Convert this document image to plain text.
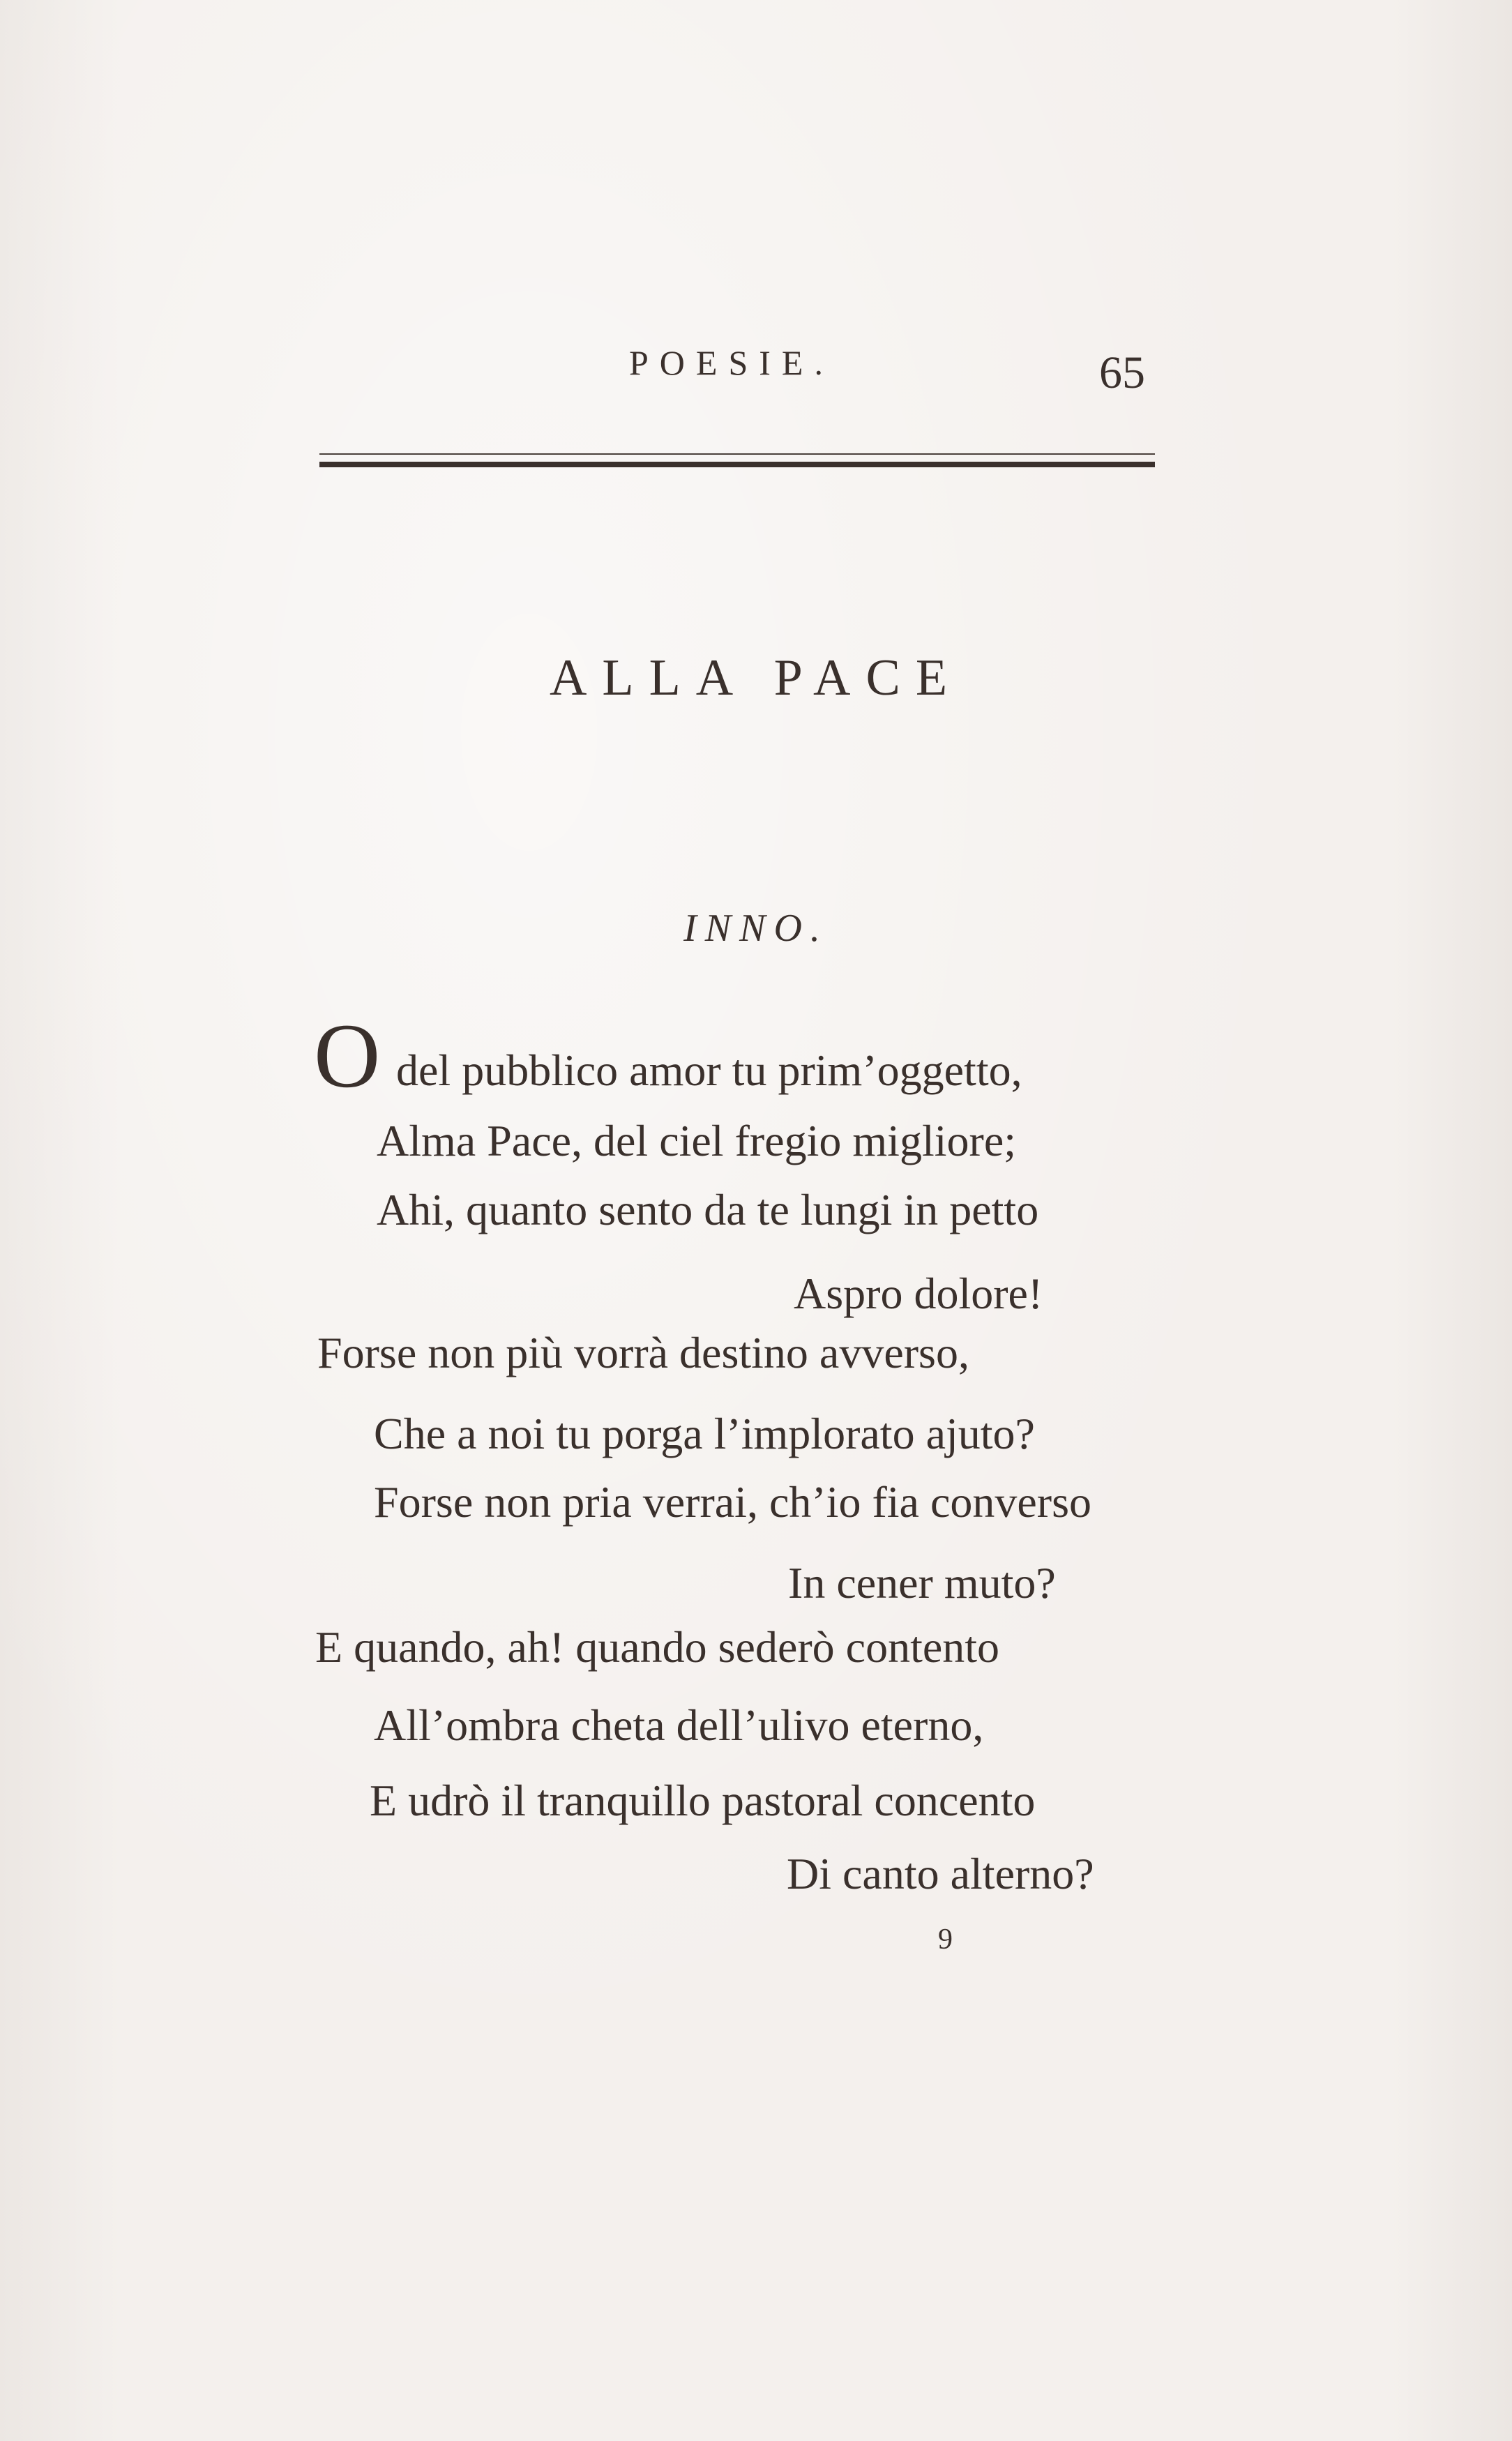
POESIE.	65
ALLA PACE
INNO.
O del pubblico amor tu prim’oggetto,
Alma Pace, del ciel fregio migliore;
Ahi, quanto sento da te lungi in petto
Aspro dolore!
Forse non più vorrà destino avverso,
Che a noi tu porga l’implorato ajuto?
Forse non pria verrai, ch’io fia converso
In cener muto?
E quando, ah! quando sederò contento
All’ombra cheta dell’ulivo eterno,
E udrò il tranquillo pastoral concento
Di canto alterno?
9
